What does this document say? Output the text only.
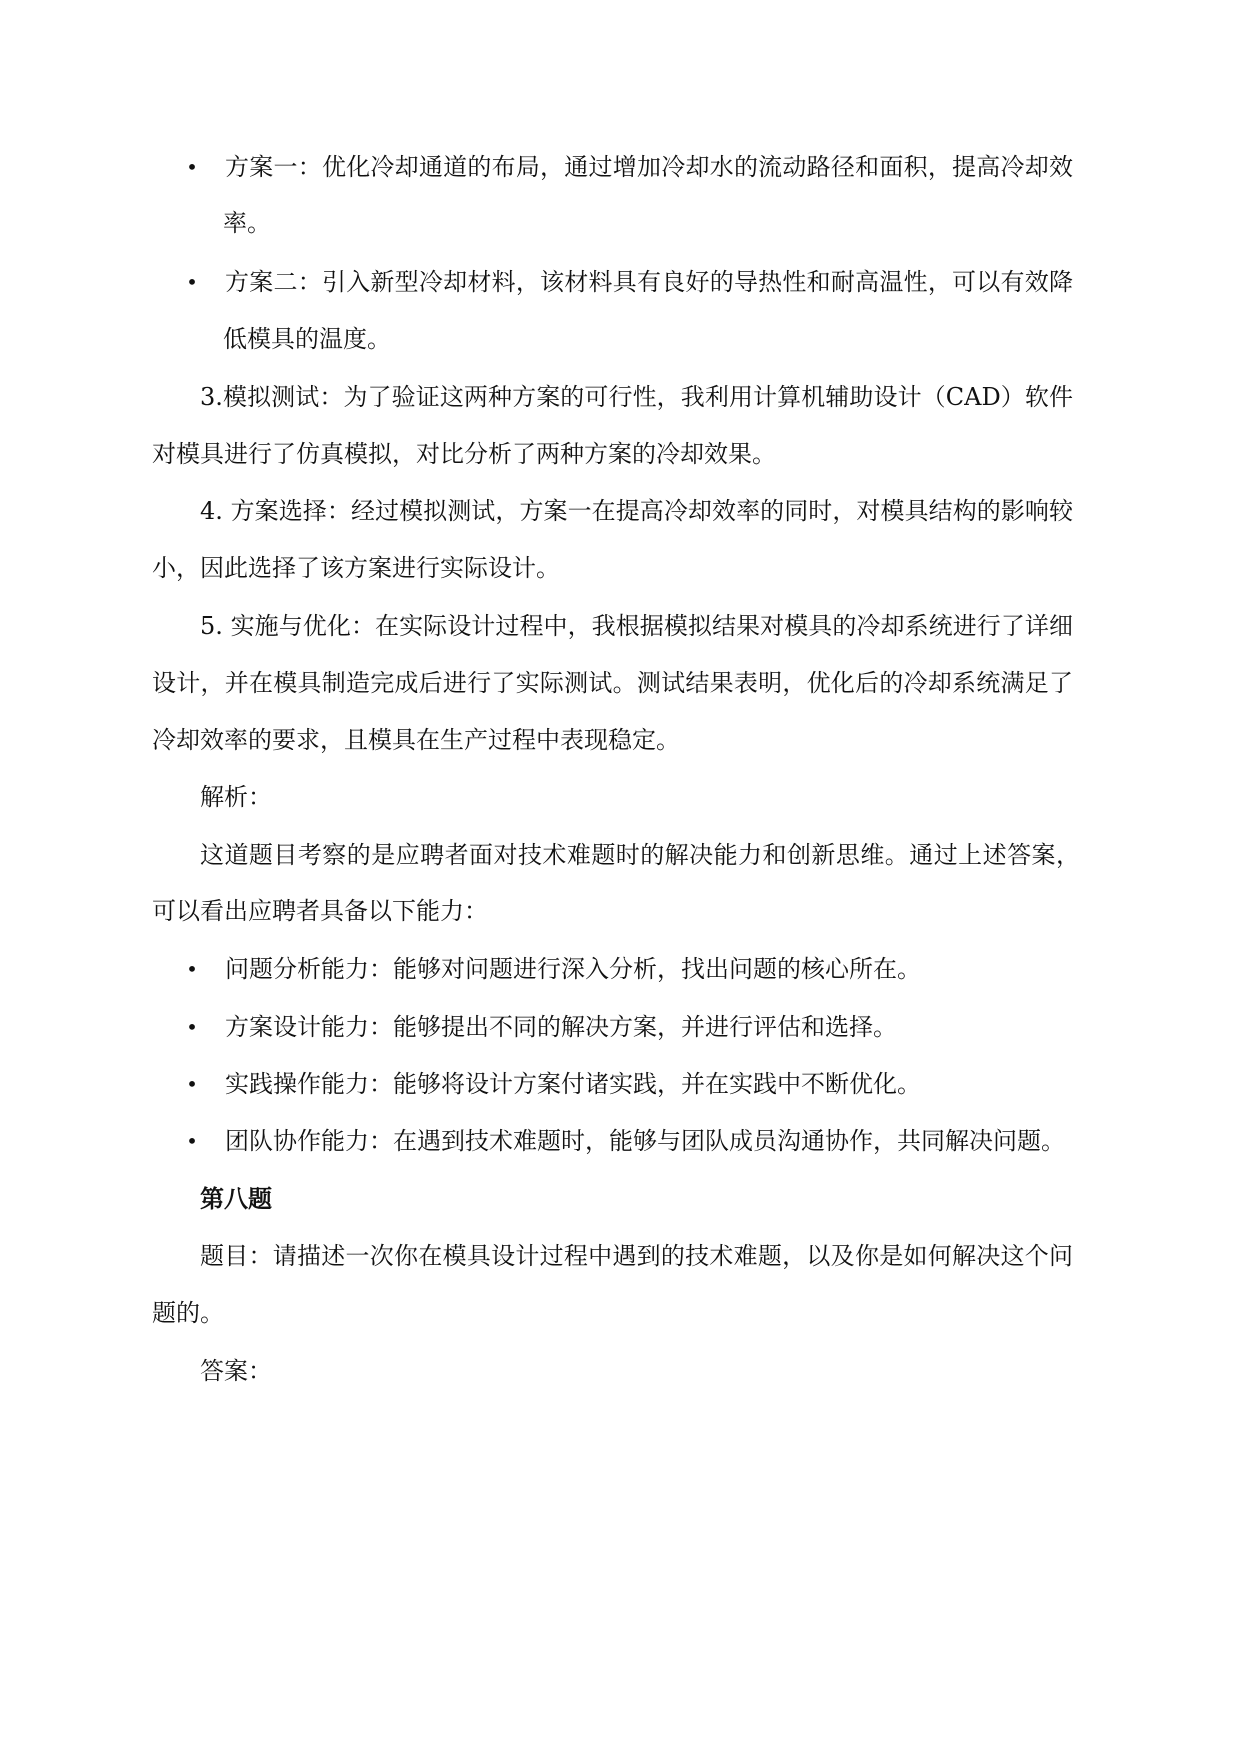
• 方案一：优化冷却通道的布局，通过增加冷却水的流动路径和面积，提高冷却效
率。
• 方案二：引入新型冷却材料，该材料具有良好的导热性和耐高温性，可以有效降
低模具的温度。
3.模拟测试：为了验证这两种方案的可行性，我利用计算机辅助设计（CAD）软件
对模具进行了仿真模拟，对比分析了两种方案的冷却效果。
4. 方案选择：经过模拟测试，方案一在提高冷却效率的同时，对模具结构的影响较
小，因此选择了该方案进行实际设计。
5. 实施与优化：在实际设计过程中，我根据模拟结果对模具的冷却系统进行了详细
设计，并在模具制造完成后进行了实际测试。测试结果表明，优化后的冷却系统满足了
冷却效率的要求，且模具在生产过程中表现稳定。
解析：
这道题目考察的是应聘者面对技术难题时的解决能力和创新思维。通过上述答案，
可以看出应聘者具备以下能力：
• 问题分析能力：能够对问题进行深入分析，找出问题的核心所在。
• 方案设计能力：能够提出不同的解决方案，并进行评估和选择。
• 实践操作能力：能够将设计方案付诸实践，并在实践中不断优化。
• 团队协作能力：在遇到技术难题时，能够与团队成员沟通协作，共同解决问题。
第八题
题目：请描述一次你在模具设计过程中遇到的技术难题，以及你是如何解决这个问
题的。
答案：
